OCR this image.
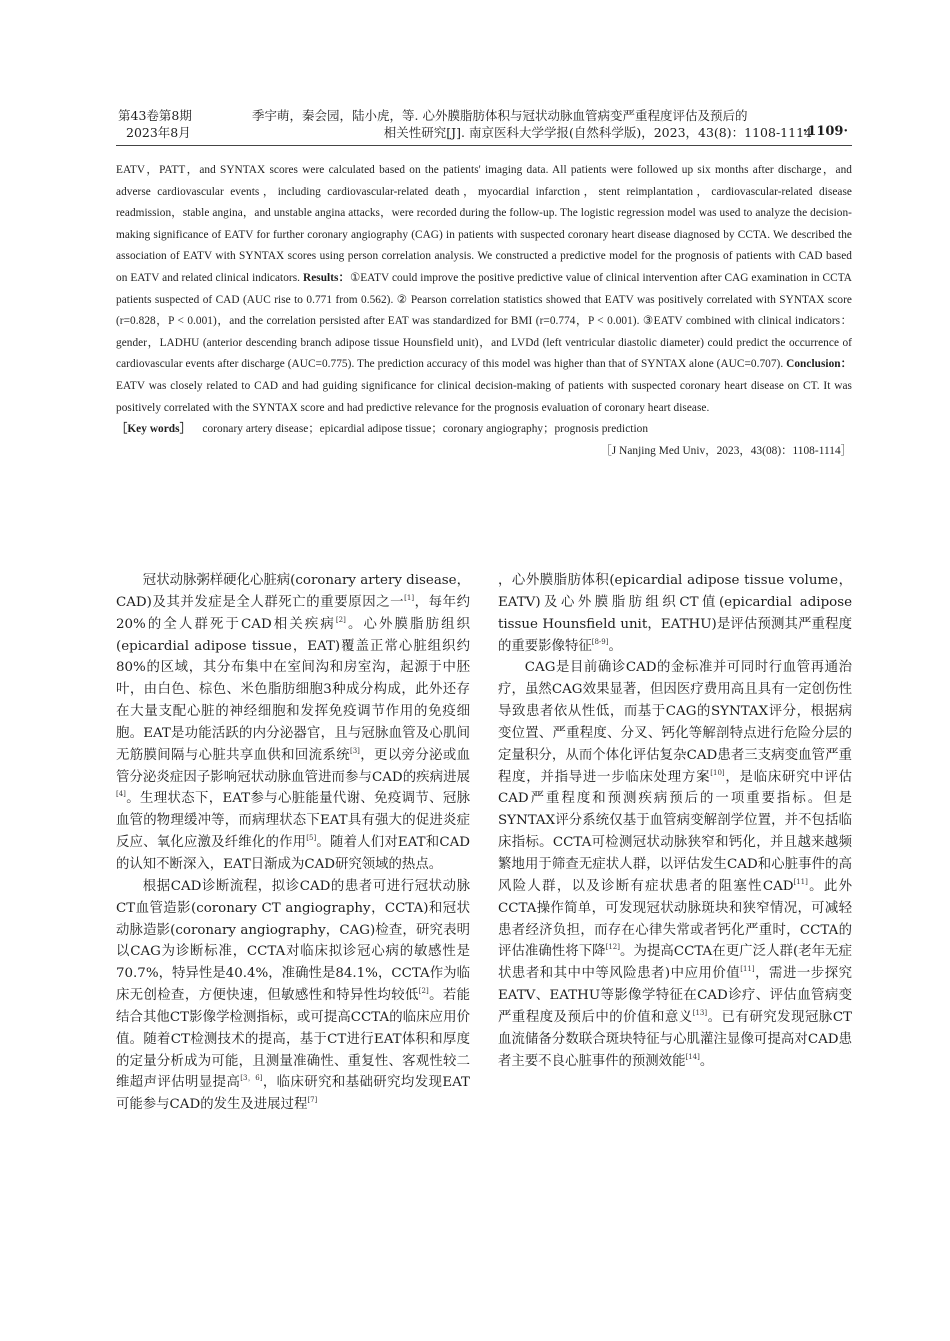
第43卷第8期
2023年8月
季宇萌，秦会园，陆小虎，等. 心外膜脂肪体积与冠状动脉血管病变严重程度评估及预后的
相关性研究[J]. 南京医科大学学报(自然科学版)，2023，43(8)：1108-1114
·1109·

EATV，PATT，and SYNTAX scores were calculated based on the patients' imaging data. All patients were followed up six months after discharge，and adverse cardiovascular events，including cardiovascular-related death，myocardial infarction，stent reimplantation，cardiovascular-related disease readmission，stable angina，and unstable angina attacks，were recorded during the follow-up. The logistic regression model was used to analyze the decision-making significance of EATV for further coronary angiography (CAG) in patients with suspected coronary heart disease diagnosed by CCTA. We described the association of EATV with SYNTAX scores using person correlation analysis. We constructed a predictive model for the prognosis of patients with CAD based on EATV and related clinical indicators. Results：①EATV could improve the positive predictive value of clinical intervention after CAG examination in CCTA patients suspected of CAD (AUC rise to 0.771 from 0.562). ② Pearson correlation statistics showed that EATV was positively correlated with SYNTAX score (r=0.828，P < 0.001)，and the correlation persisted after EAT was standardized for BMI (r=0.774，P < 0.001). ③EATV combined with clinical indicators：gender，LADHU (anterior descending branch adipose tissue Hounsfield unit)，and LVDd (left ventricular diastolic diameter) could predict the occurrence of cardiovascular events after discharge (AUC=0.775). The prediction accuracy of this model was higher than that of SYNTAX alone (AUC=0.707). Conclusion：EATV was closely related to CAD and had guiding significance for clinical decision-making of patients with suspected coronary heart disease on CT. It was positively correlated with the SYNTAX score and had predictive relevance for the prognosis evaluation of coronary heart disease.

［Key words］ coronary artery disease；epicardial adipose tissue；coronary angiography；prognosis prediction

［J Nanjing Med Univ，2023，43(08)：1108-1114］

冠状动脉粥样硬化心脏病(coronary artery disease，CAD)及其并发症是全人群死亡的重要原因之一[1]，每年约20%的全人群死于CAD相关疾病[2]。心外膜脂肪组织(epicardial adipose tissue，EAT)覆盖正常心脏组织约80%的区域，其分布集中在室间沟和房室沟，起源于中胚叶，由白色、棕色、米色脂肪细胞3种成分构成，此外还存在大量支配心脏的神经细胞和发挥免疫调节作用的免疫细胞。EAT是功能活跃的内分泌器官，且与冠脉血管及心肌间无筋膜间隔与心脏共享血供和回流系统[3]，更以旁分泌或血管分泌炎症因子影响冠状动脉血管进而参与CAD的疾病进展[4]。生理状态下，EAT参与心脏能量代谢、免疫调节、冠脉血管的物理缓冲等，而病理状态下EAT具有强大的促进炎症反应、氧化应激及纤维化的作用[5]。随着人们对EAT和CAD的认知不断深入，EAT日渐成为CAD研究领域的热点。

根据CAD诊断流程，拟诊CAD的患者可进行冠状动脉CT血管造影(coronary CT angiography，CCTA)和冠状动脉造影(coronary angiography，CAG)检查，研究表明以CAG为诊断标准，CCTA对临床拟诊冠心病的敏感性是70.7%，特异性是40.4%，准确性是84.1%，CCTA作为临床无创检查，方便快速，但敏感性和特异性均较低[2]。若能结合其他CT影像学检测指标，或可提高CCTA的临床应用价值。随着CT检测技术的提高，基于CT进行EAT体积和厚度的定量分析成为可能，且测量准确性、重复性、客观性较二维超声评估明显提高[3，6]，临床研究和基础研究均发现EAT可能参与CAD的发生及进展过程[7]

，心外膜脂肪体积(epicardial adipose tissue volume，EATV)及心外膜脂肪组织CT值(epicardial adipose tissue Hounsfield unit，EATHU)是评估预测其严重程度的重要影像特征[8-9]。

CAG是目前确诊CAD的金标准并可同时行血管再通治疗，虽然CAG效果显著，但因医疗费用高且具有一定创伤性导致患者依从性低，而基于CAG的SYNTAX评分，根据病变位置、严重程度、分叉、钙化等解剖特点进行危险分层的定量积分，从而个体化评估复杂CAD患者三支病变血管严重程度，并指导进一步临床处理方案[10]，是临床研究中评估CAD严重程度和预测疾病预后的一项重要指标。但是SYNTAX评分系统仅基于血管病变解剖学位置，并不包括临床指标。CCTA可检测冠状动脉狭窄和钙化，并且越来越频繁地用于筛查无症状人群，以评估发生CAD和心脏事件的高风险人群，以及诊断有症状患者的阻塞性CAD[11]。此外CCTA操作简单，可发现冠状动脉斑块和狭窄情况，可减轻患者经济负担，而存在心律失常或者钙化严重时，CCTA的评估准确性将下降[12]。为提高CCTA在更广泛人群(老年无症状患者和其中中等风险患者)中应用价值[11]，需进一步探究EATV、EATHU等影像学特征在CAD诊疗、评估血管病变严重程度及预后中的价值和意义[13]。已有研究发现冠脉CT血流储备分数联合斑块特征与心肌灌注显像可提高对CAD患者主要不良心脏事件的预测效能[14]。
